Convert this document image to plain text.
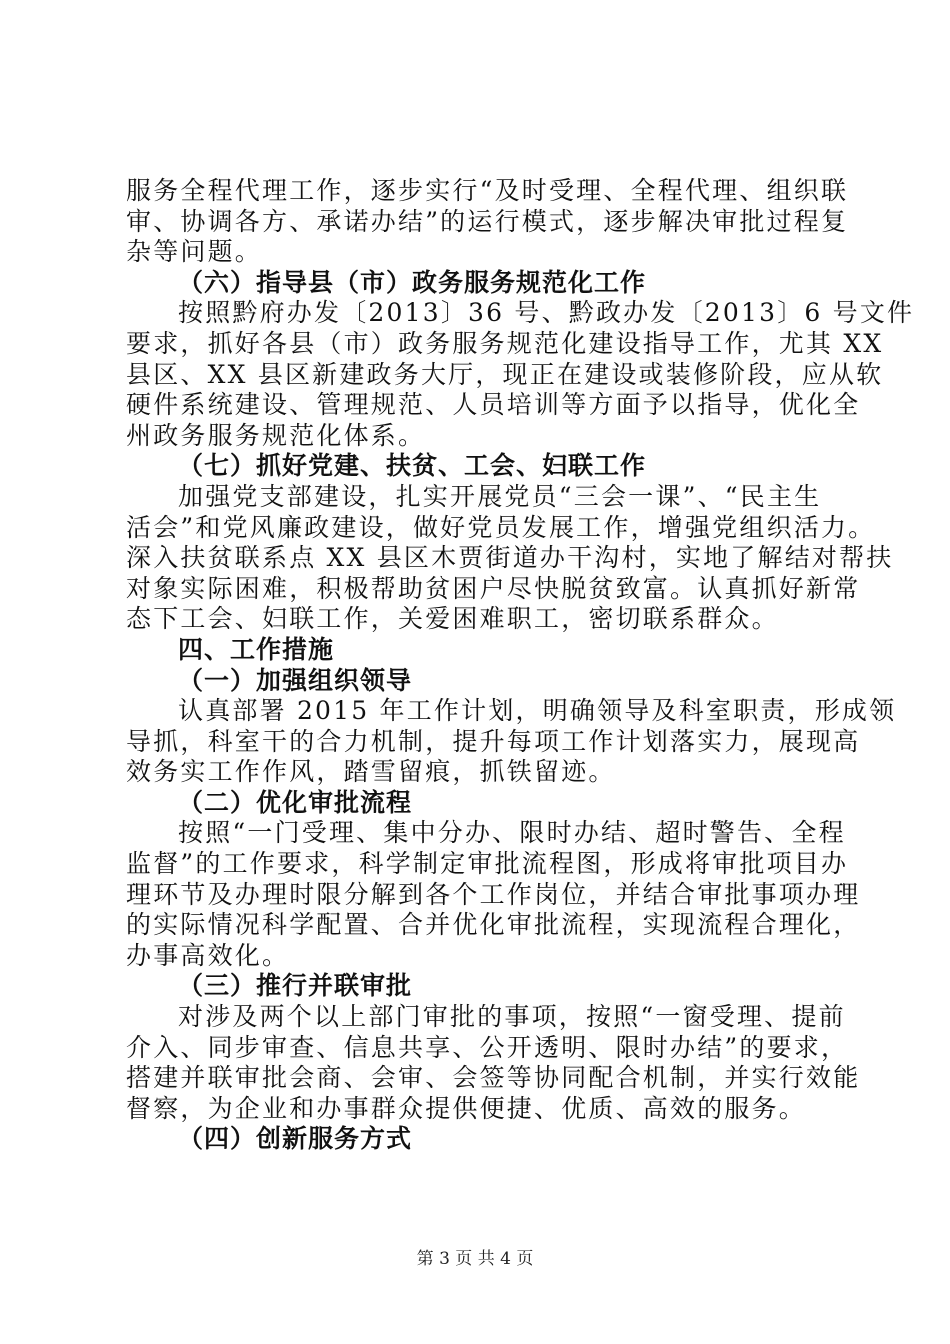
服务全程代理工作，逐步实行“及时受理、全程代理、组织联
审、协调各方、承诺办结”的运行模式，逐步解决审批过程复
杂等问题。
（六）指导县（市）政务服务规范化工作
按照黔府办发〔2013〕36 号、黔政办发〔2013〕6 号文件
要求，抓好各县（市）政务服务规范化建设指导工作，尤其 XX
县区、XX 县区新建政务大厅，现正在建设或装修阶段，应从软
硬件系统建设、管理规范、人员培训等方面予以指导，优化全
州政务服务规范化体系。
（七）抓好党建、扶贫、工会、妇联工作
加强党支部建设，扎实开展党员“三会一课”、“民主生
活会”和党风廉政建设，做好党员发展工作，增强党组织活力。
深入扶贫联系点 XX 县区木贾街道办干沟村，实地了解结对帮扶
对象实际困难，积极帮助贫困户尽快脱贫致富。认真抓好新常
态下工会、妇联工作，关爱困难职工，密切联系群众。
四、工作措施
（一）加强组织领导
认真部署 2015 年工作计划，明确领导及科室职责，形成领
导抓，科室干的合力机制，提升每项工作计划落实力，展现高
效务实工作作风，踏雪留痕，抓铁留迹。
（二）优化审批流程
按照“一门受理、集中分办、限时办结、超时警告、全程
监督”的工作要求，科学制定审批流程图，形成将审批项目办
理环节及办理时限分解到各个工作岗位，并结合审批事项办理
的实际情况科学配置、合并优化审批流程，实现流程合理化，
办事高效化。
（三）推行并联审批
对涉及两个以上部门审批的事项，按照“一窗受理、提前
介入、同步审查、信息共享、公开透明、限时办结”的要求，
搭建并联审批会商、会审、会签等协同配合机制，并实行效能
督察，为企业和办事群众提供便捷、优质、高效的服务。
（四）创新服务方式
第 3 页 共 4 页
